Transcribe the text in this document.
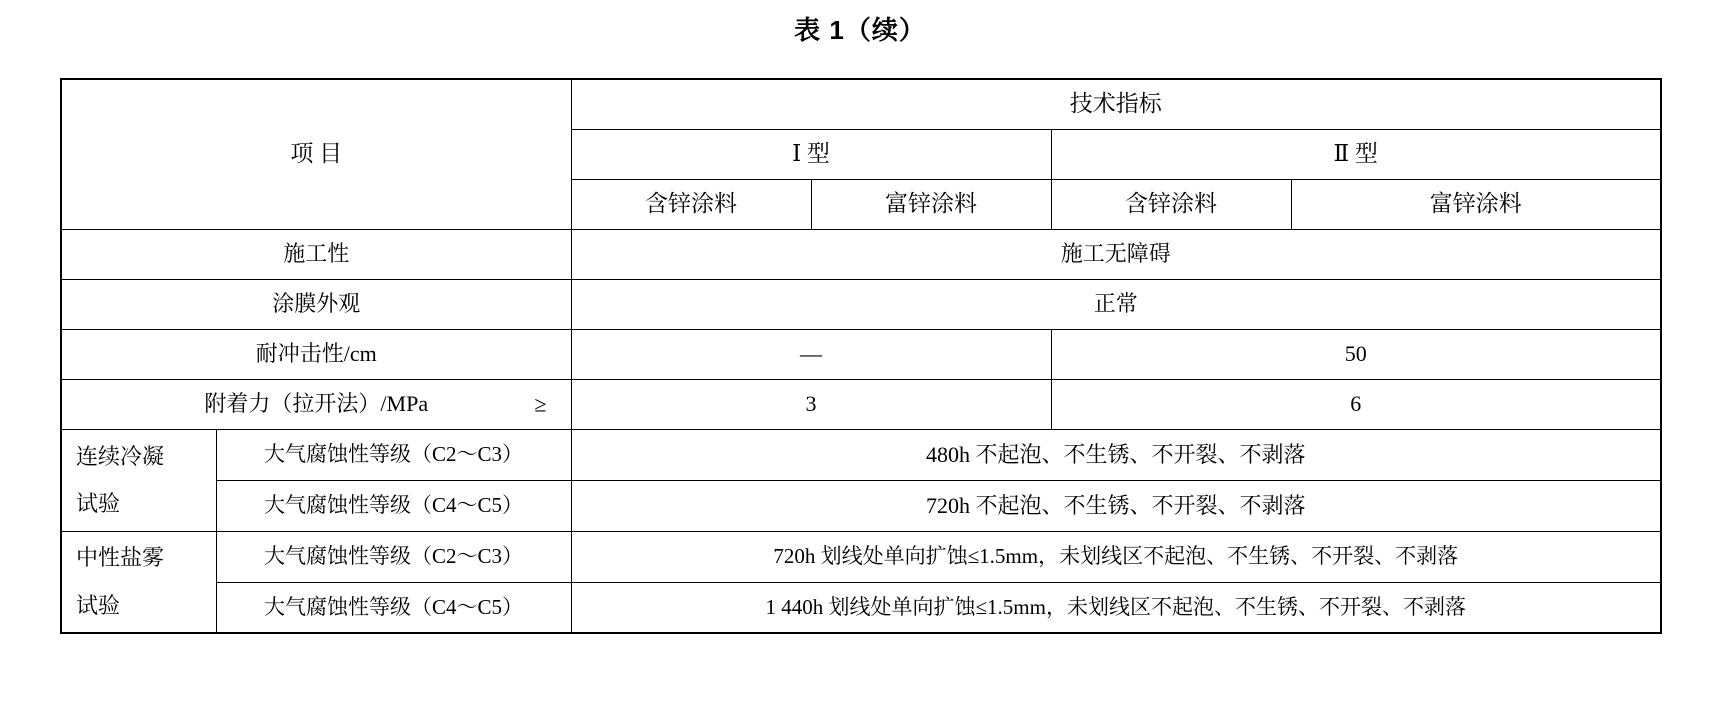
表 1（续）
项 目		技术指标			
		Ⅰ 型		Ⅱ 型	
		含锌涂料	富锌涂料	含锌涂料	富锌涂料
施工性		施工无障碍			
涂膜外观		正常			
耐冲击性/cm		—		50	
附着力（拉开法）/MPa ≥		3		6	

连续冷凝
试验	大气腐蚀性等级（C2～C3）	480h 不起泡、不生锈、不开裂、不剥落			
	大气腐蚀性等级（C4～C5）	720h 不起泡、不生锈、不开裂、不剥落			

中性盐雾
试验	大气腐蚀性等级（C2～C3）	720h 划线处单向扩蚀≤1.5mm，未划线区不起泡、不生锈、不开裂、不剥落			
	大气腐蚀性等级（C4～C5）	1 440h 划线处单向扩蚀≤1.5mm，未划线区不起泡、不生锈、不开裂、不剥落			
